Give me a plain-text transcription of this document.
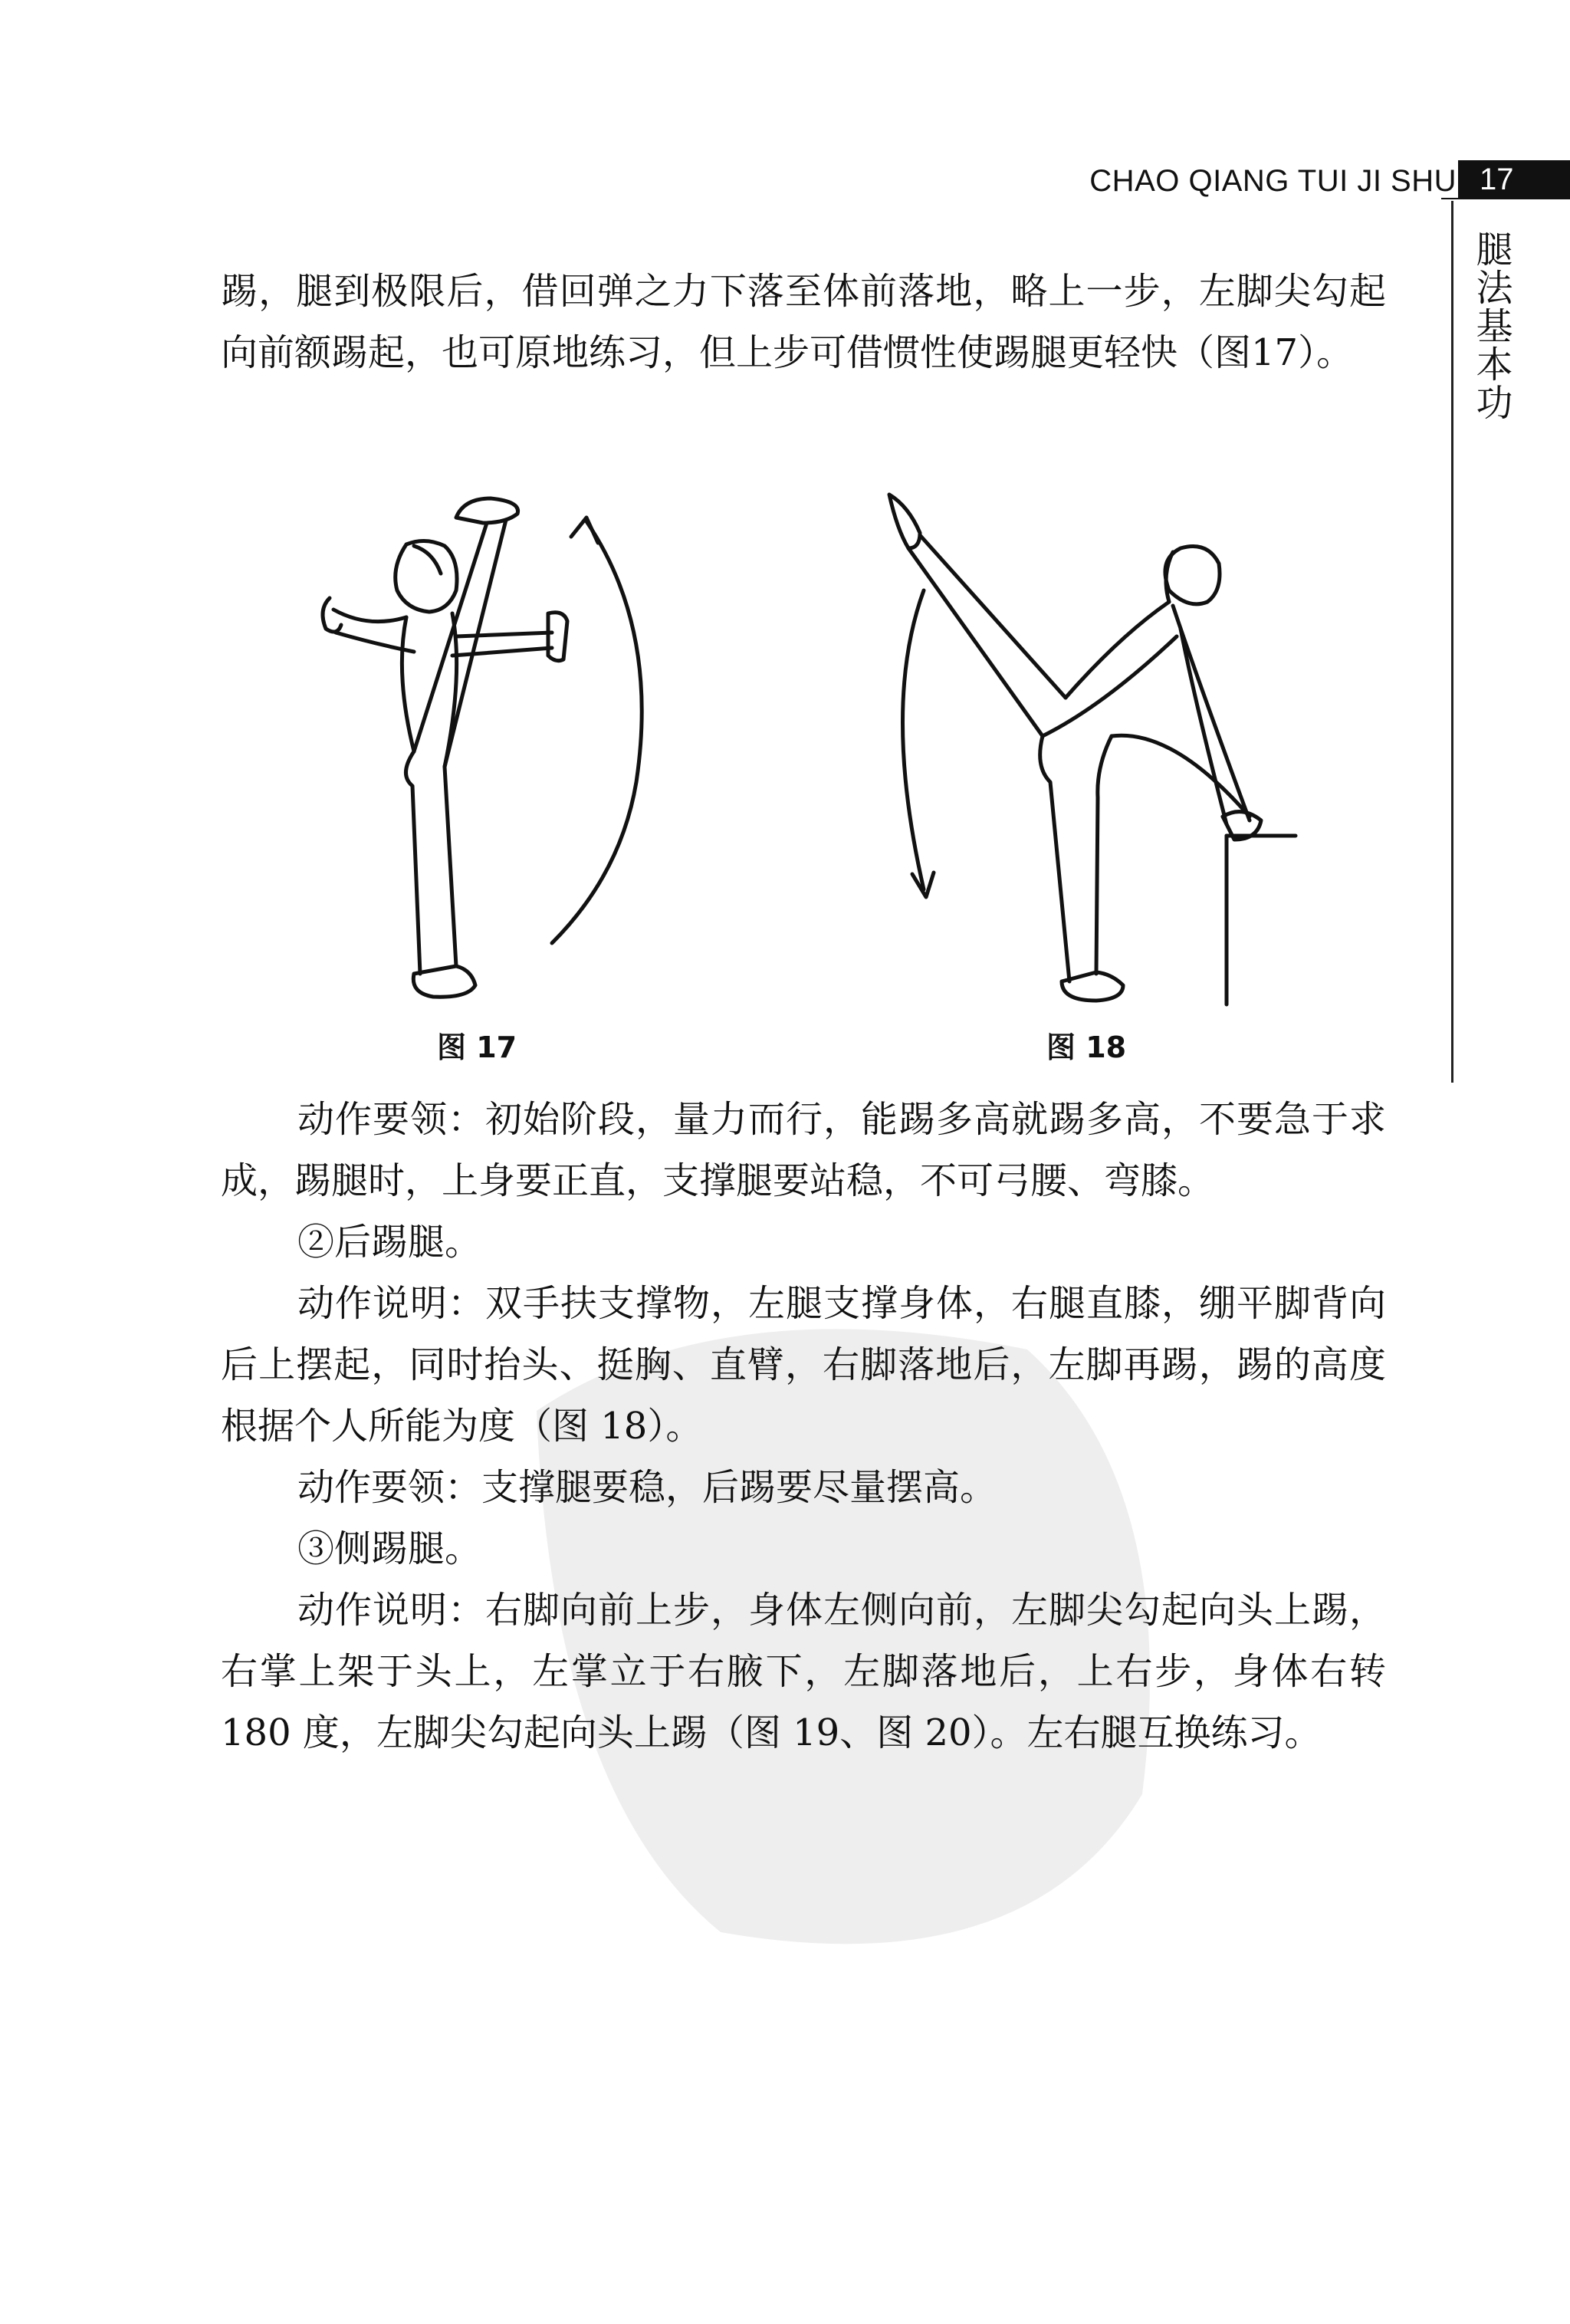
CHAO QIANG TUI JI SHU 17
腿法基本功

踢，腿到极限后，借回弹之力下落至体前落地，略上一步，左脚尖勾起向前额踢起，也可原地练习，但上步可借惯性使踢腿更轻快（图17）。

图 17	图 18

动作要领：初始阶段，量力而行，能踢多高就踢多高，不要急于求成，踢腿时，上身要正直，支撑腿要站稳，不可弓腰、弯膝。

②后踢腿。

动作说明：双手扶支撑物，左腿支撑身体，右腿直膝，绷平脚背向后上摆起，同时抬头、挺胸、直臂，右脚落地后，左脚再踢，踢的高度根据个人所能为度（图 18）。

动作要领：支撑腿要稳，后踢要尽量摆高。

③侧踢腿。

动作说明：右脚向前上步，身体左侧向前，左脚尖勾起向头上踢，右掌上架于头上，左掌立于右腋下，左脚落地后，上右步，身体右转 180 度，左脚尖勾起向头上踢（图 19、图 20）。左右腿互换练习。
